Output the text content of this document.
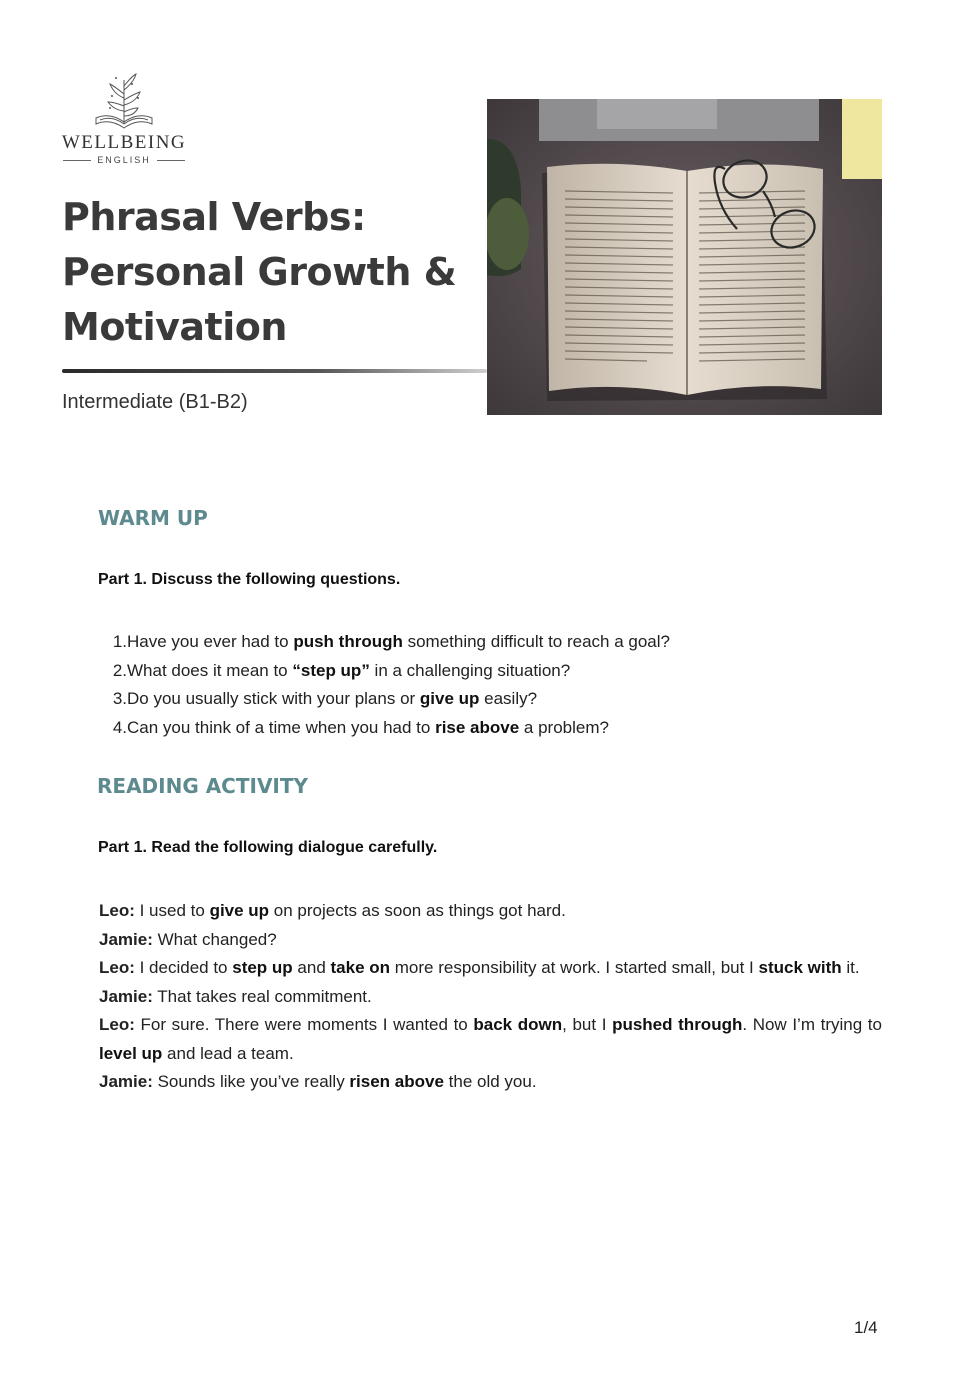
WELLBEING
ENGLISH
Phrasal Verbs:
Personal Growth &
Motivation
Intermediate (B1-B2)
WARM UP
Part 1. Discuss the following questions.
1.Have you ever had to push through something difficult to reach a goal?
2.What does it mean to “step up” in a challenging situation?
3.Do you usually stick with your plans or give up easily?
4.Can you think of a time when you had to rise above a problem?
READING ACTIVITY
Part 1. Read the following dialogue carefully.

Leo: I used to give up on projects as soon as things got hard.

Jamie: What changed?

Leo: I decided to step up and take on more responsibility at work. I started small, but I stuck with it.

Jamie: That takes real commitment.

Leo: For sure. There were moments I wanted to back down, but I pushed through. Now I’m trying to level up and lead a team.

Jamie: Sounds like you’ve really risen above the old you.

1/4
